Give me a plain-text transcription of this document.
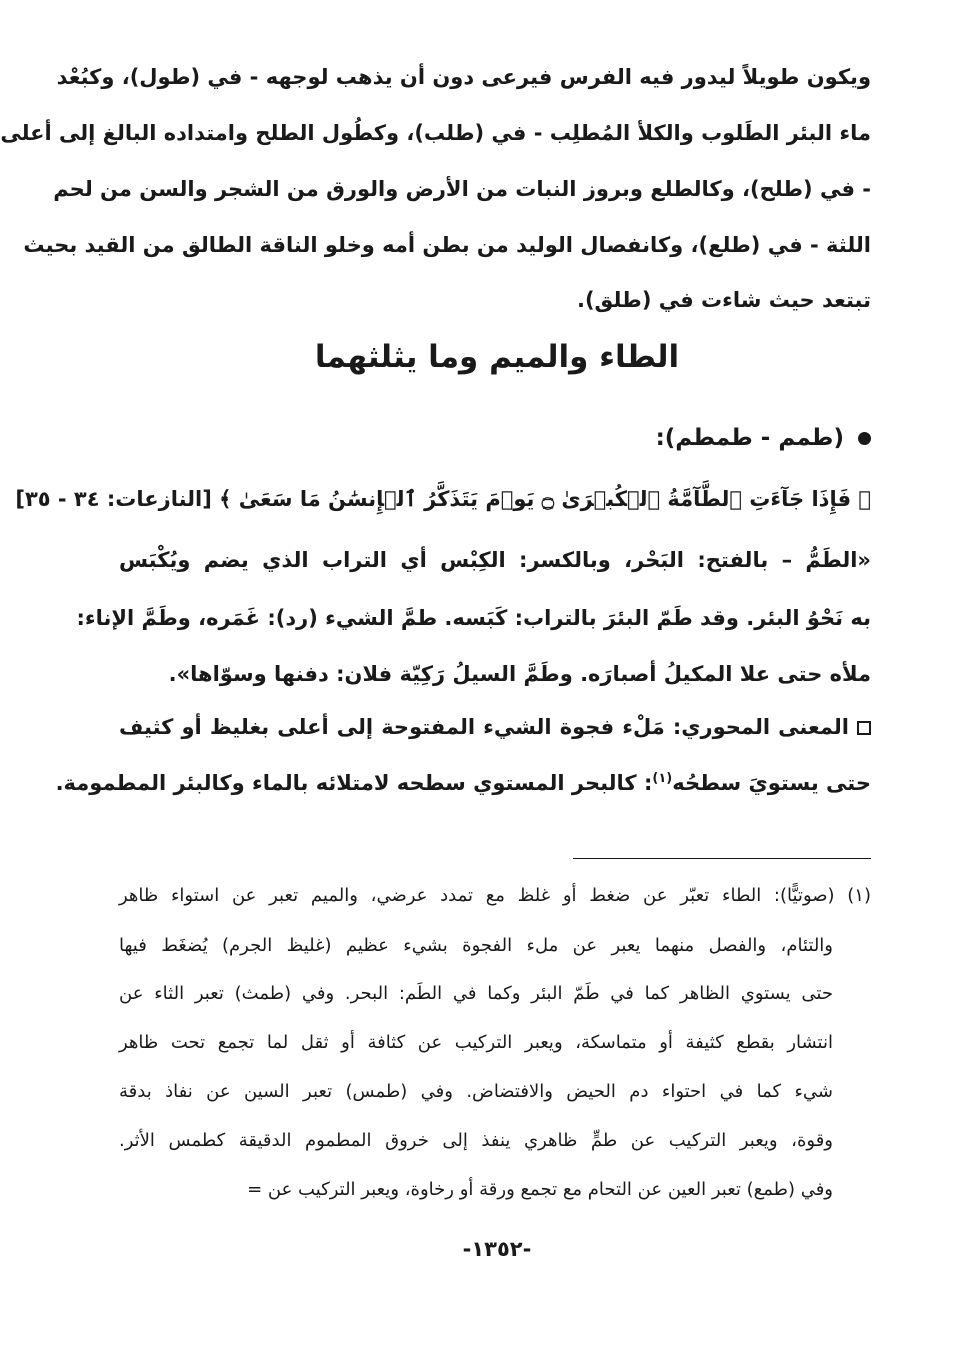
ويكون طويلاً ليدور فيه الفرس فيرعى دون أن يذهب لوجهه - في (طول)، وكبُعْد

ماء البئر الطَلوب والكلأ المُطلِب - في (طلب)، وكطُول الطلح وامتداده البالغ إلى أعلى

- في (طلح)، وكالطلع وبروز النبات من الأرض والورق من الشجر والسن من لحم

اللثة - في (طلع)، وكانفصال الوليد من بطن أمه وخلو الناقة الطالق من القيد بحيث

تبتعد حيث شاءت في (طلق).

الطاء والميم وما يثلثهما

(طمم - طمطم):

﴿ فَإِذَا جَآءَتِ ٱلطَّآمَّةُ ٱلۡكُبۡرَىٰ ۝ يَوۡمَ يَتَذَكَّرُ ٱلۡإِنسَٰنُ مَا سَعَىٰ ﴾ [النازعات: ٣٤ - ٣٥]

«الطَمُّ – بالفتح: البَحْر، وبالكسر: الكِبْس أي التراب الذي يضم ويُكْبَس

به نَحْوُ البئر. وقد طَمّ البئرَ بالتراب: كَبَسه. طمَّ الشيء (رد): غَمَره، وطَمَّ الإناء:

ملأه حتى علا المكيلُ أصبارَه. وطَمَّ السيلُ رَكِيّة فلان: دفنها وسوّاها».

المعنى المحوري: مَلْء فجوة الشيء المفتوحة إلى أعلى بغليظ أو كثيف

حتى يستويَ سطحُه$^{(١)}$: كالبحر المستوي سطحه لامتلائه بالماء وكالبئر المطمومة.

(١) (صوتيًّا): الطاء تعبّر عن ضغط أو غلظ مع تمدد عرضي، والميم تعبر عن استواء ظاهر

والتئام، والفصل منهما يعبر عن ملء الفجوة بشيء عظيم (غليظ الجرم) يُضغَط فيها

حتى يستوي الظاهر كما في طَمّ البئر وكما في الطَم: البحر. وفي (طمث) تعبر الثاء عن

انتشار بقطع كثيفة أو متماسكة، ويعبر التركيب عن كثافة أو ثقل لما تجمع تحت ظاهر

شيء كما في احتواء دم الحيض والافتضاض. وفي (طمس) تعبر السين عن نفاذ بدقة

وقوة، ويعبر التركيب عن طمٍّ ظاهري ينفذ إلى خروق المطموم الدقيقة كطمس الأثر.

وفي (طمع) تعبر العين عن التحام مع تجمع ورقة أو رخاوة، ويعبر التركيب عن =

-١٣٥٢-
